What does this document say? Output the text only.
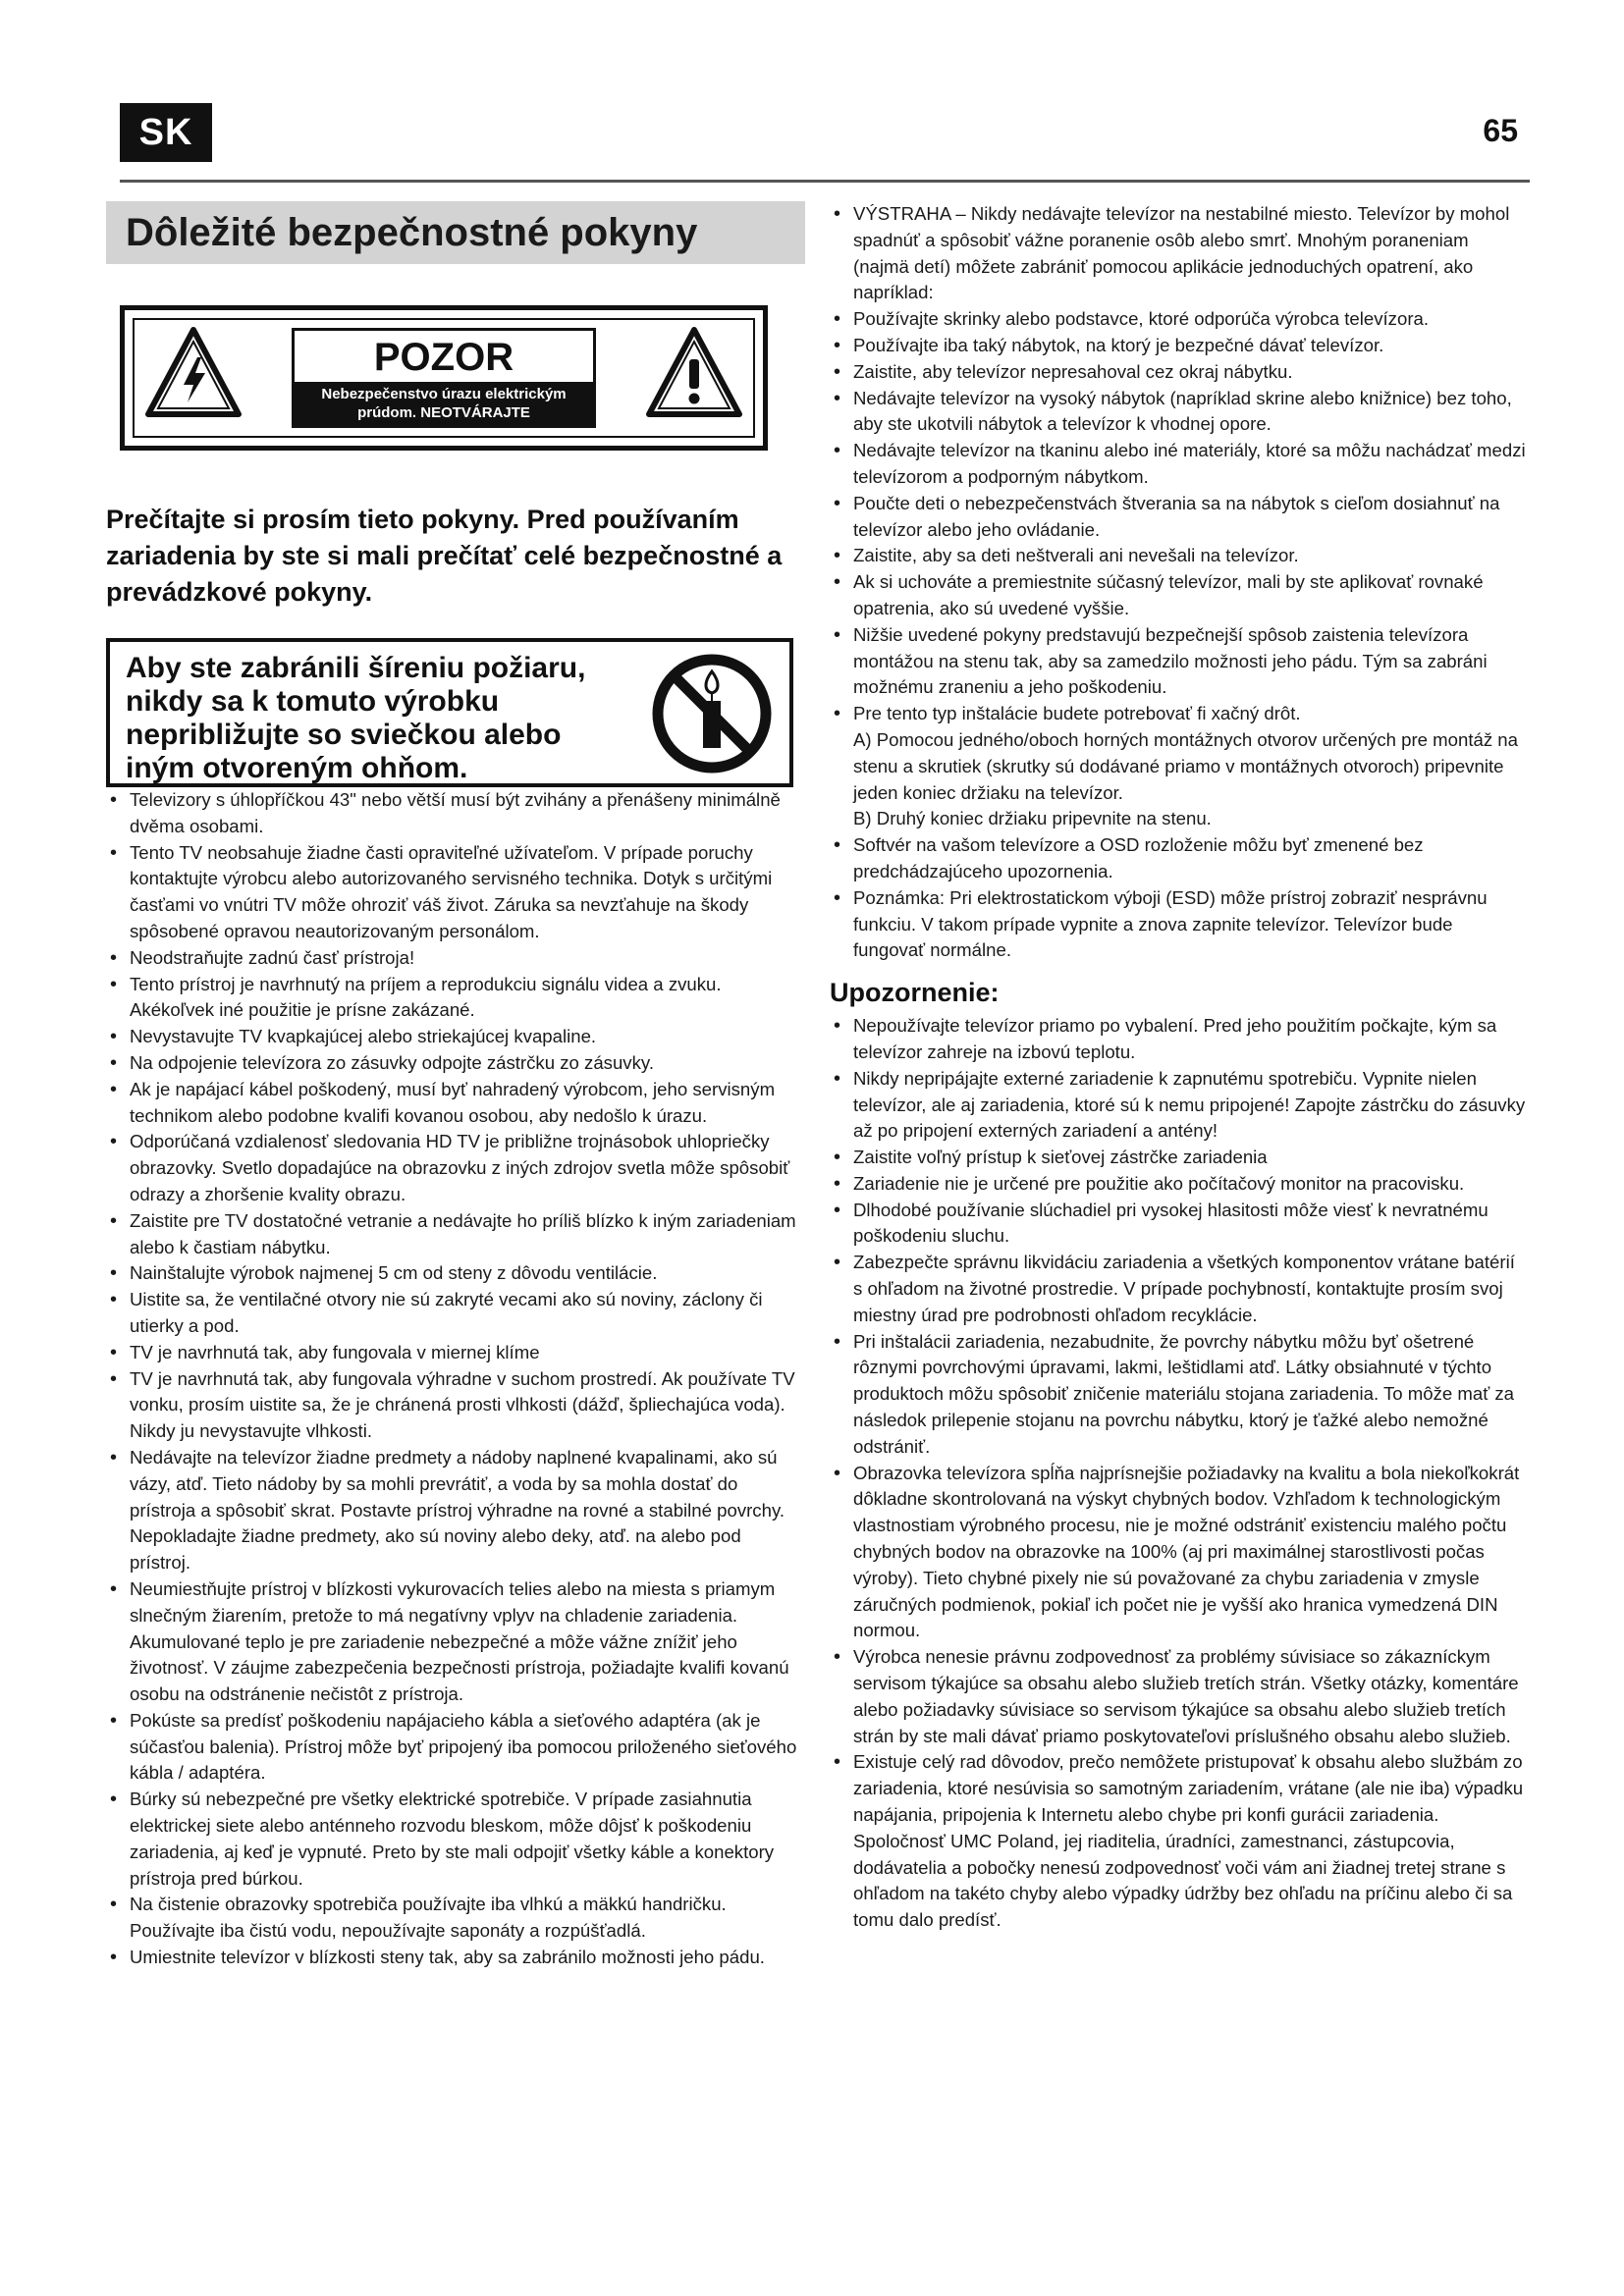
SK	65
Dôležité bezpečnostné pokyny
POZOR
Nebezpečenstvo úrazu elektrickým
prúdom. NEOTVÁRAJTE
Prečítajte si prosím tieto pokyny. Pred používaním zariadenia by ste si mali prečítať celé bezpečnostné a prevádzkové pokyny.
Aby ste zabránili šíreniu požiaru, nikdy sa k tomuto výrobku nepribližujte so sviečkou alebo iným otvoreným ohňom.
• Televizory s úhlopříčkou 43" nebo větší musí být zvihány a přenášeny minimálně dvěma osobami.
• Tento TV neobsahuje žiadne časti opraviteľné užívateľom. V prípade poruchy kontaktujte výrobcu alebo autorizovaného servisného technika. Dotyk s určitými časťami vo vnútri TV môže ohroziť váš život. Záruka sa nevzťahuje na škody spôsobené opravou neautorizovaným personálom.
• Neodstraňujte zadnú časť prístroja!
• Tento prístroj je navrhnutý na príjem a reprodukciu signálu videa a zvuku. Akékoľvek iné použitie je prísne zakázané.
• Nevystavujte TV kvapkajúcej alebo striekajúcej kvapaline.
• Na odpojenie televízora zo zásuvky odpojte zástrčku zo zásuvky.
• Ak je napájací kábel poškodený, musí byť nahradený výrobcom, jeho servisným technikom alebo podobne kvalifi kovanou osobou, aby nedošlo k úrazu.
• Odporúčaná vzdialenosť sledovania HD TV je približne trojnásobok uhlopriečky obrazovky. Svetlo dopadajúce na obrazovku z iných zdrojov svetla môže spôsobiť odrazy a zhoršenie kvality obrazu.
• Zaistite pre TV dostatočné vetranie a nedávajte ho príliš blízko k iným zariadeniam alebo k častiam nábytku.
• Nainštalujte výrobok najmenej 5 cm od steny z dôvodu ventilácie.
• Uistite sa, že ventilačné otvory nie sú zakryté vecami ako sú noviny, záclony či utierky a pod.
• TV je navrhnutá tak, aby fungovala v miernej klíme
• TV je navrhnutá tak, aby fungovala výhradne v suchom prostredí. Ak používate TV vonku, prosím uistite sa, že je chránená prosti vlhkosti (dážď, špliechajúca voda). Nikdy ju nevystavujte vlhkosti.
• Nedávajte na televízor žiadne predmety a nádoby naplnené kvapalinami, ako sú vázy, atď. Tieto nádoby by sa mohli prevrátiť, a voda by sa mohla dostať do prístroja a spôsobiť skrat. Postavte prístroj výhradne na rovné a stabilné povrchy. Nepokladajte žiadne predmety, ako sú noviny alebo deky, atď. na alebo pod prístroj.
• Neumiestňujte prístroj v blízkosti vykurovacích telies alebo na miesta s priamym slnečným žiarením, pretože to má negatívny vplyv na chladenie zariadenia. Akumulované teplo je pre zariadenie nebezpečné a môže vážne znížiť jeho životnosť. V záujme zabezpečenia bezpečnosti prístroja, požiadajte kvalifi kovanú osobu na odstránenie nečistôt z prístroja.
• Pokúste sa predísť poškodeniu napájacieho kábla a sieťového adaptéra (ak je súčasťou balenia). Prístroj môže byť pripojený iba pomocou priloženého sieťového kábla / adaptéra.
• Búrky sú nebezpečné pre všetky elektrické spotrebiče. V prípade zasiahnutia elektrickej siete alebo anténneho rozvodu bleskom, môže dôjsť k poškodeniu zariadenia, aj keď je vypnuté. Preto by ste mali odpojiť všetky káble a konektory prístroja pred búrkou.
• Na čistenie obrazovky spotrebiča používajte iba vlhkú a mäkkú handričku. Používajte iba čistú vodu, nepoužívajte saponáty a rozpúšťadlá.
• Umiestnite televízor v blízkosti steny tak, aby sa zabránilo možnosti jeho pádu.
• VÝSTRAHA – Nikdy nedávajte televízor na nestabilné miesto. Televízor by mohol spadnúť a spôsobiť vážne poranenie osôb alebo smrť. Mnohým poraneniam (najmä detí) môžete zabrániť pomocou aplikácie jednoduchých opatrení, ako napríklad:
• Používajte skrinky alebo podstavce, ktoré odporúča výrobca televízora.
• Používajte iba taký nábytok, na ktorý je bezpečné dávať televízor.
• Zaistite, aby televízor nepresahoval cez okraj nábytku.
• Nedávajte televízor na vysoký nábytok (napríklad skrine alebo knižnice) bez toho, aby ste ukotvili nábytok a televízor k vhodnej opore.
• Nedávajte televízor na tkaninu alebo iné materiály, ktoré sa môžu nachádzať medzi televízorom a podporným nábytkom.
• Poučte deti o nebezpečenstvách štverania sa na nábytok s cieľom dosiahnuť na televízor alebo jeho ovládanie.
• Zaistite, aby sa deti neštverali ani nevešali na televízor.
• Ak si uchováte a premiestnite súčasný televízor, mali by ste aplikovať rovnaké opatrenia, ako sú uvedené vyššie.
• Nižšie uvedené pokyny predstavujú bezpečnejší spôsob zaistenia televízora montážou na stenu tak, aby sa zamedzilo možnosti jeho pádu. Tým sa zabráni možnému zraneniu a jeho poškodeniu.
• Pre tento typ inštalácie budete potrebovať fi xačný drôt.
A) Pomocou jedného/oboch horných montážnych otvorov určených pre montáž na stenu a skrutiek (skrutky sú dodávané priamo v montážnych otvoroch) pripevnite jeden koniec držiaku na televízor.
B) Druhý koniec držiaku pripevnite na stenu.
• Softvér na vašom televízore a OSD rozloženie môžu byť zmenené bez predchádzajúceho upozornenia.
• Poznámka: Pri elektrostatickom výboji (ESD) môže prístroj zobraziť nesprávnu funkciu. V takom prípade vypnite a znova zapnite televízor. Televízor bude fungovať normálne.
Upozornenie:
• Nepoužívajte televízor priamo po vybalení. Pred jeho použitím počkajte, kým sa televízor zahreje na izbovú teplotu.
• Nikdy nepripájajte externé zariadenie k zapnutému spotrebiču. Vypnite nielen televízor, ale aj zariadenia, ktoré sú k nemu pripojené! Zapojte zástrčku do zásuvky až po pripojení externých zariadení a antény!
• Zaistite voľný prístup k sieťovej zástrčke zariadenia
• Zariadenie nie je určené pre použitie ako počítačový monitor na pracovisku.
• Dlhodobé používanie slúchadiel pri vysokej hlasitosti môže viesť k nevratnému poškodeniu sluchu.
• Zabezpečte správnu likvidáciu zariadenia a všetkých komponentov vrátane batérií s ohľadom na životné prostredie. V prípade pochybností, kontaktujte prosím svoj miestny úrad pre podrobnosti ohľadom recyklácie.
• Pri inštalácii zariadenia, nezabudnite, že povrchy nábytku môžu byť ošetrené rôznymi povrchovými úpravami, lakmi, leštidlami atď. Látky obsiahnuté v týchto produktoch môžu spôsobiť zničenie materiálu stojana zariadenia. To môže mať za následok prilepenie stojanu na povrchu nábytku, ktorý je ťažké alebo nemožné odstrániť.
• Obrazovka televízora spĺňa najprísnejšie požiadavky na kvalitu a bola niekoľkokrát dôkladne skontrolovaná na výskyt chybných bodov. Vzhľadom k technologickým vlastnostiam výrobného procesu, nie je možné odstrániť existenciu malého počtu chybných bodov na obrazovke na 100% (aj pri maximálnej starostlivosti počas výroby). Tieto chybné pixely nie sú považované za chybu zariadenia v zmysle záručných podmienok, pokiaľ ich počet nie je vyšší ako hranica vymedzená DIN normou.
• Výrobca nenesie právnu zodpovednosť za problémy súvisiace so zákazníckym servisom týkajúce sa obsahu alebo služieb tretích strán. Všetky otázky, komentáre alebo požiadavky súvisiace so servisom týkajúce sa obsahu alebo služieb tretích strán by ste mali dávať priamo poskytovateľovi príslušného obsahu alebo služieb.
• Existuje celý rad dôvodov, prečo nemôžete pristupovať k obsahu alebo službám zo zariadenia, ktoré nesúvisia so samotným zariadením, vrátane (ale nie iba) výpadku napájania, pripojenia k Internetu alebo chybe pri konfi gurácii zariadenia. Spoločnosť UMC Poland, jej riaditelia, úradníci, zamestnanci, zástupcovia, dodávatelia a pobočky nenesú zodpovednosť voči vám ani žiadnej tretej strane s ohľadom na takéto chyby alebo výpadky údržby bez ohľadu na príčinu alebo či sa tomu dalo predísť.
